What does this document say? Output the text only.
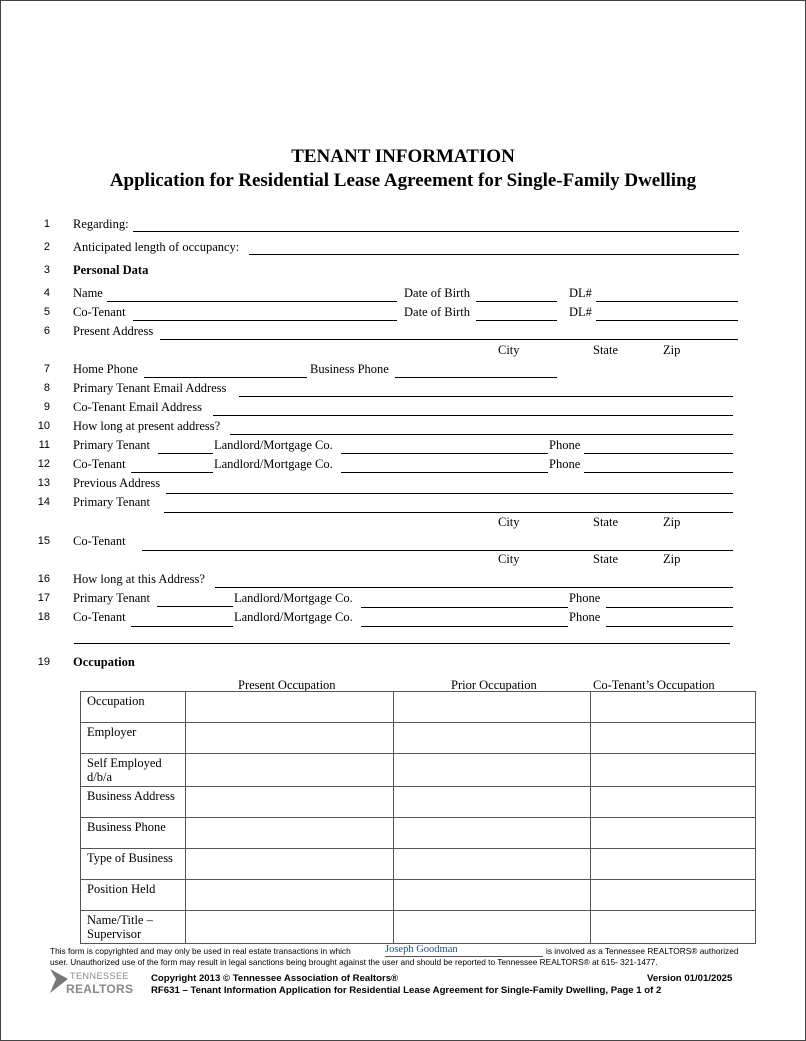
TENANT INFORMATION
Application for Residential Lease Agreement for Single-Family Dwelling
1 Regarding:
2 Anticipated length of occupancy:
3 Personal Data
4 Name	Date of Birth	DL#
5 Co-Tenant	Date of Birth	DL#
6 Present Address
City	State	Zip
7 Home Phone	Business Phone
8 Primary Tenant Email Address
9 Co-Tenant Email Address
10 How long at present address?
11 Primary Tenant	Landlord/Mortgage Co.	Phone
12 Co-Tenant	Landlord/Mortgage Co.	Phone
13 Previous Address
14 Primary Tenant
City	State	Zip
15 Co-Tenant
City	State	Zip
16 How long at this Address?
17 Primary Tenant	Landlord/Mortgage Co.	Phone
18 Co-Tenant	Landlord/Mortgage Co.	Phone
19 Occupation
Present Occupation	Prior Occupation	Co-Tenant’s Occupation
Occupation			
Employer			
Self Employed d/b/a			
Business Address			
Business Phone			
Type of Business			
Position Held			
Name/Title – Supervisor			
This form is copyrighted and may only be used in real estate transactions in which	Joseph Goodman	is involved as a Tennessee REALTORS® authorized
user. Unauthorized use of the form may result in legal sanctions being brought against the user and should be reported to Tennessee REALTORS® at 615- 321-1477.
TENNESSEE
REALTORS
Copyright 2013 © Tennessee Association of Realtors®	Version 01/01/2025
RF631 – Tenant Information Application for Residential Lease Agreement for Single-Family Dwelling, Page 1 of 2
